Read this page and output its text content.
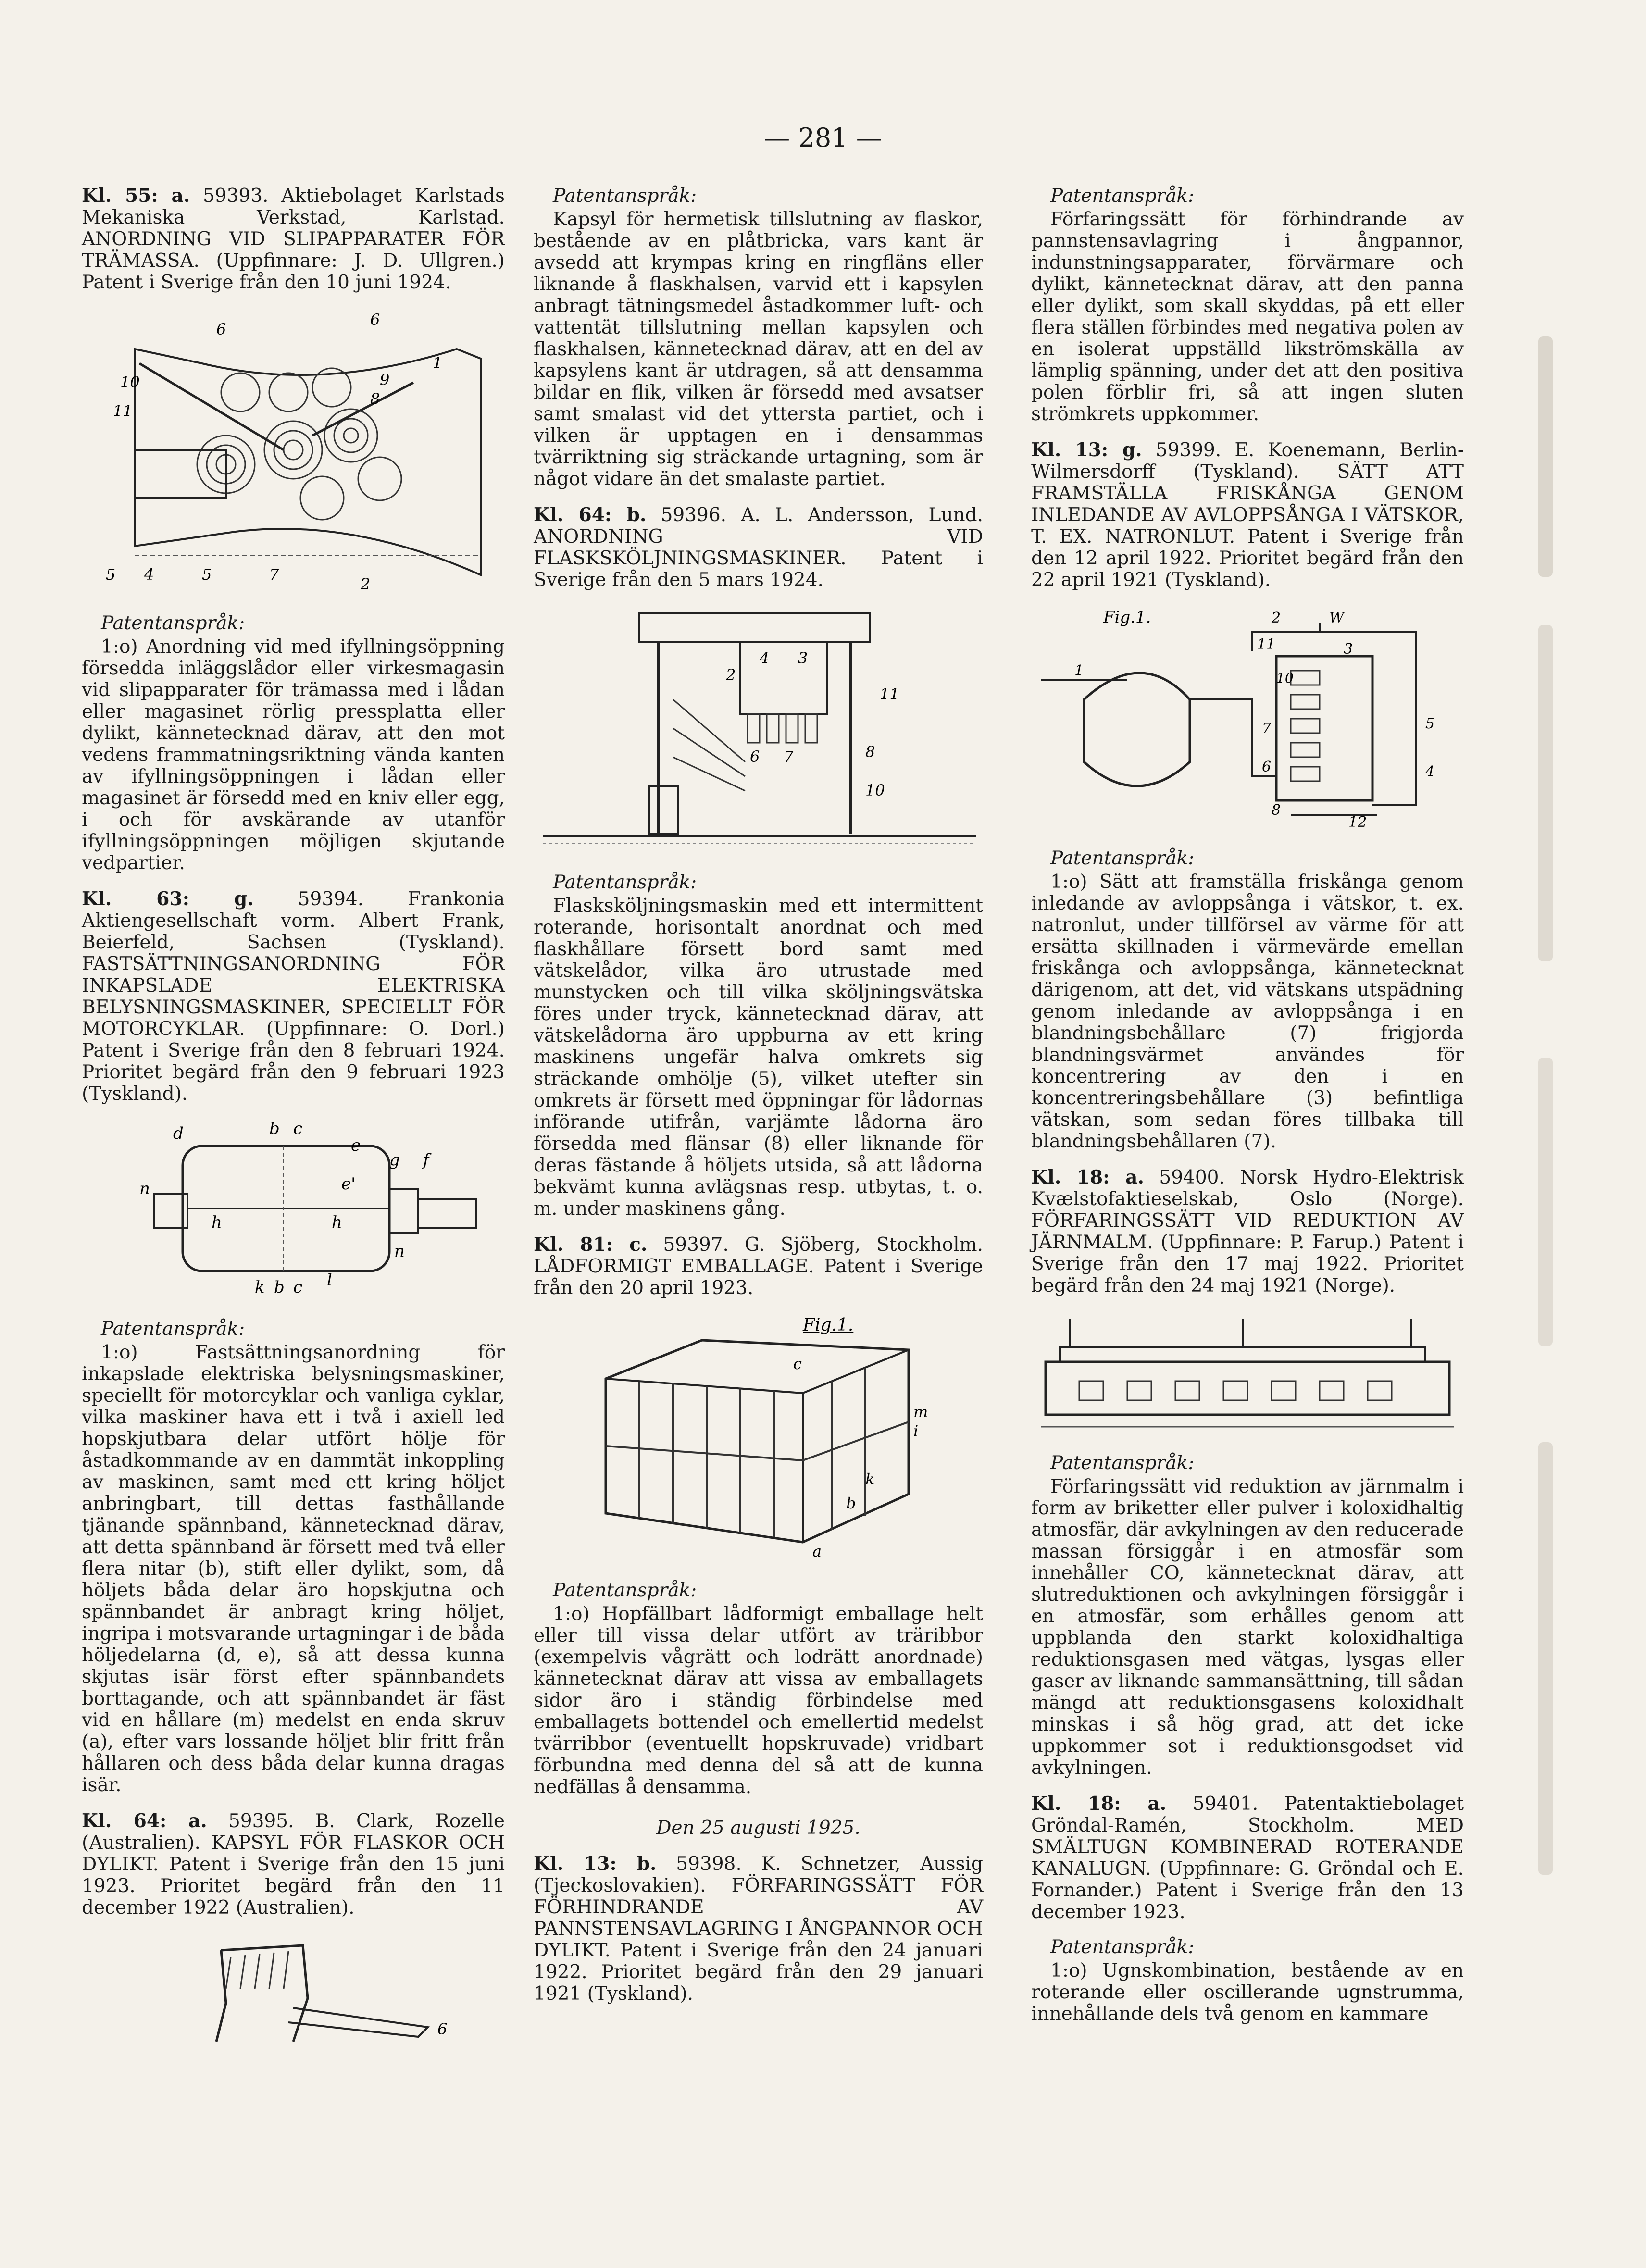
— 281 —

Kl. 55: a. 59393. Aktiebolaget Karlstads Mekaniska Verkstad, Karlstad. ANORDNING VID SLIPAPPARATER FÖR TRÄMASSA. (Uppfinnare: J. D. Ullgren.) Patent i Sverige från den 10 juni 1924.

6
6
10
11
1
9
8
5 4	5	7
2

Patentanspråk:

1:o) Anordning vid med ifyllningsöppning försedda inläggslådor eller virkesmagasin vid slipapparater för trämassa med i lådan eller magasinet rörlig pressplatta eller dylikt, kännetecknad därav, att den mot vedens frammatningsriktning vända kanten av ifyllningsöppningen i lådan eller magasinet är försedd med en kniv eller egg, i och för avskärande av utanför ifyllningsöppningen möjligen skjutande vedpartier.

Kl. 63: g. 59394. Frankonia Aktiengesellschaft vorm. Albert Frank, Beierfeld, Sachsen (Tyskland). FASTSÄTTNINGSANORDNING FÖR INKAPSLADE ELEKTRISKA BELYSNINGSMASKINER, SPECIELLT FÖR MOTORCYKLAR. (Uppfinnare: O. Dorl.) Patent i Sverige från den 8 februari 1924. Prioritet begärd från den 9 februari 1923 (Tyskland).

d	b c
e
g f
n
h
e'
h
n
k b c l

Patentanspråk:

1:o) Fastsättningsanordning för inkapslade elektriska belysningsmaskiner, speciellt för motorcyklar och vanliga cyklar, vilka maskiner hava ett i två i axiell led hopskjutbara delar utfört hölje för åstadkommande av en dammtät inkoppling av maskinen, samt med ett kring höljet anbringbart, till dettas fasthållande tjänande spännband, kännetecknad därav, att detta spännband är försett med två eller flera nitar (b), stift eller dylikt, som, då höljets båda delar äro hopskjutna och spännbandet är anbragt kring höljet, ingripa i motsvarande urtagningar i de båda höljedelarna (d, e), så att dessa kunna skjutas isär först efter spännbandets borttagande, och att spännbandet är fäst vid en hållare (m) medelst en enda skruv (a), efter vars lossande höljet blir fritt från hållaren och dess båda delar kunna dragas isär.

Kl. 64: a. 59395. B. Clark, Rozelle (Australien). KAPSYL FÖR FLASKOR OCH DYLIKT. Patent i Sverige från den 15 juni 1923. Prioritet begärd från den 11 december 1922 (Australien).

6

Patentanspråk:

Kapsyl för hermetisk tillslutning av flaskor, bestående av en plåtbricka, vars kant är avsedd att krympas kring en ringfläns eller liknande å flaskhalsen, varvid ett i kapsylen anbragt tätningsmedel åstadkommer luft- och vattentät tillslutning mellan kapsylen och flaskhalsen, kännetecknad därav, att en del av kapsylens kant är utdragen, så att densamma bildar en flik, vilken är försedd med avsatser samt smalast vid det yttersta partiet, och i vilken är upptagen en i densammas tvärriktning sig sträckande urtagning, som är något vidare än det smalaste partiet.

Kl. 64: b. 59396. A. L. Andersson, Lund. ANORDNING VID FLASKSKÖLJNINGSMASKINER. Patent i Sverige från den 5 mars 1924.

2
4 3
11
6 7	8
10

Patentanspråk:

Flasksköljningsmaskin med ett intermittent roterande, horisontalt anordnat och med flaskhållare försett bord samt med vätskelådor, vilka äro utrustade med munstycken och till vilka sköljningsvätska föres under tryck, kännetecknad därav, att vätskelådorna äro uppburna av ett kring maskinens ungefär halva omkrets sig sträckande omhölje (5), vilket utefter sin omkrets är försett med öppningar för lådornas införande utifrån, varjämte lådorna äro försedda med flänsar (8) eller liknande för deras fästande å höljets utsida, så att lådorna bekvämt kunna avlägsnas resp. utbytas, t. o. m. under maskinens gång.

Kl. 81: c. 59397. G. Sjöberg, Stockholm. LÅDFORMIGT EMBALLAGE. Patent i Sverige från den 20 april 1923.

Fig.1.
c
m
i
k
b
a

Patentanspråk:

1:o) Hopfällbart lådformigt emballage helt eller till vissa delar utfört av träribbor (exempelvis vågrätt och lodrätt anordnade) kännetecknat därav att vissa av emballagets sidor äro i ständig förbindelse med emballagets bottendel och emellertid medelst tvärribbor (eventuellt hopskruvade) vridbart förbundna med denna del så att de kunna nedfällas å densamma.

Den 25 augusti 1925.

Kl. 13: b. 59398. K. Schnetzer, Aussig (Tjeckoslovakien). FÖRFARINGSSÄTT FÖR FÖRHINDRANDE AV PANNSTENSAVLAGRING I ÅNGPANNOR OCH DYLIKT. Patent i Sverige från den 24 januari 1922. Prioritet begärd från den 29 januari 1921 (Tyskland).

Patentanspråk:

Förfaringssätt för förhindrande av pannstensavlagring i ångpannor, indunstningsapparater, förvärmare och dylikt, kännetecknat därav, att den panna eller dylikt, som skall skyddas, på ett eller flera ställen förbindes med negativa polen av en isolerat uppställd likströmskälla av lämplig spänning, under det att den positiva polen förblir fri, så att ingen sluten strömkrets uppkommer.

Kl. 13: g. 59399. E. Koenemann, Berlin-Wilmersdorff (Tyskland). SÄTT ATT FRAMSTÄLLA FRISKÅNGA GENOM INLEDANDE AV AVLOPPSÅNGA I VÄTSKOR, T. EX. NATRONLUT. Patent i Sverige från den 12 april 1922. Prioritet begärd från den 22 april 1921 (Tyskland).

Fig.1.	2	W
11	3
10
7
6
5
4
1
8
12

Patentanspråk:

1:o) Sätt att framställa friskånga genom inledande av avloppsånga i vätskor, t. ex. natronlut, under tillförsel av värme för att ersätta skillnaden i värmevärde emellan friskånga och avloppsånga, kännetecknat därigenom, att det, vid vätskans utspädning genom inledande av avloppsånga i en blandningsbehållare (7) frigjorda blandningsvärmet användes för koncentrering av den i en koncentreringsbehållare (3) befintliga vätskan, som sedan föres tillbaka till blandningsbehållaren (7).

Kl. 18: a. 59400. Norsk Hydro-Elektrisk Kvælstofaktieselskab, Oslo (Norge). FÖRFARINGSSÄTT VID REDUKTION AV JÄRNMALM. (Uppfinnare: P. Farup.) Patent i Sverige från den 17 maj 1922. Prioritet begärd från den 24 maj 1921 (Norge).

Patentanspråk:

Förfaringssätt vid reduktion av järnmalm i form av briketter eller pulver i koloxidhaltig atmosfär, där avkylningen av den reducerade massan försiggår i en atmosfär som innehåller CO, kännetecknat därav, att slutreduktionen och avkylningen försiggår i en atmosfär, som erhålles genom att uppblanda den starkt koloxidhaltiga reduktionsgasen med vätgas, lysgas eller gaser av liknande sammansättning, till sådan mängd att reduktionsgasens koloxidhalt minskas i så hög grad, att det icke uppkommer sot i reduktionsgodset vid avkylningen.

Kl. 18: a. 59401. Patentaktiebolaget Gröndal-Ramén, Stockholm. MED SMÄLTUGN KOMBINERAD ROTERANDE KANALUGN. (Uppfinnare: G. Gröndal och E. Fornander.) Patent i Sverige från den 13 december 1923.

Patentanspråk:

1:o) Ugnskombination, bestående av en roterande eller oscillerande ugnstrumma, innehållande dels två genom en kammare
